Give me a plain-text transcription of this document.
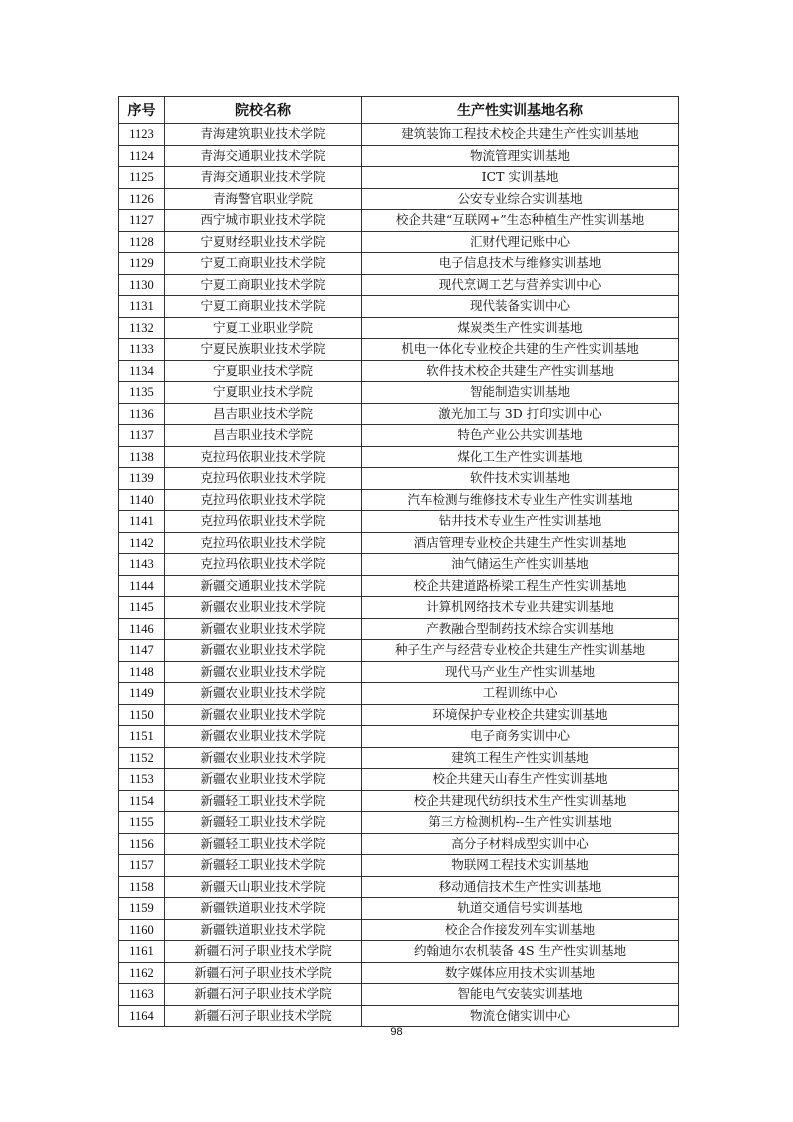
序号	院校名称	生产性实训基地名称
1123	青海建筑职业技术学院	建筑装饰工程技术校企共建生产性实训基地
1124	青海交通职业技术学院	物流管理实训基地
1125	青海交通职业技术学院	ICT 实训基地
1126	青海警官职业学院	公安专业综合实训基地
1127	西宁城市职业技术学院	校企共建“互联网+”生态种植生产性实训基地
1128	宁夏财经职业技术学院	汇财代理记账中心
1129	宁夏工商职业技术学院	电子信息技术与维修实训基地
1130	宁夏工商职业技术学院	现代烹调工艺与营养实训中心
1131	宁夏工商职业技术学院	现代装备实训中心
1132	宁夏工业职业学院	煤炭类生产性实训基地
1133	宁夏民族职业技术学院	机电一体化专业校企共建的生产性实训基地
1134	宁夏职业技术学院	软件技术校企共建生产性实训基地
1135	宁夏职业技术学院	智能制造实训基地
1136	昌吉职业技术学院	激光加工与 3D 打印实训中心
1137	昌吉职业技术学院	特色产业公共实训基地
1138	克拉玛依职业技术学院	煤化工生产性实训基地
1139	克拉玛依职业技术学院	软件技术实训基地
1140	克拉玛依职业技术学院	汽车检测与维修技术专业生产性实训基地
1141	克拉玛依职业技术学院	钻井技术专业生产性实训基地
1142	克拉玛依职业技术学院	酒店管理专业校企共建生产性实训基地
1143	克拉玛依职业技术学院	油气储运生产性实训基地
1144	新疆交通职业技术学院	校企共建道路桥梁工程生产性实训基地
1145	新疆农业职业技术学院	计算机网络技术专业共建实训基地
1146	新疆农业职业技术学院	产教融合型制药技术综合实训基地
1147	新疆农业职业技术学院	种子生产与经营专业校企共建生产性实训基地
1148	新疆农业职业技术学院	现代马产业生产性实训基地
1149	新疆农业职业技术学院	工程训练中心
1150	新疆农业职业技术学院	环境保护专业校企共建实训基地
1151	新疆农业职业技术学院	电子商务实训中心
1152	新疆农业职业技术学院	建筑工程生产性实训基地
1153	新疆农业职业技术学院	校企共建天山春生产性实训基地
1154	新疆轻工职业技术学院	校企共建现代纺织技术生产性实训基地
1155	新疆轻工职业技术学院	第三方检测机构--生产性实训基地
1156	新疆轻工职业技术学院	高分子材料成型实训中心
1157	新疆轻工职业技术学院	物联网工程技术实训基地
1158	新疆天山职业技术学院	移动通信技术生产性实训基地
1159	新疆铁道职业技术学院	轨道交通信号实训基地
1160	新疆铁道职业技术学院	校企合作接发列车实训基地
1161	新疆石河子职业技术学院	约翰迪尔农机装备 4S 生产性实训基地
1162	新疆石河子职业技术学院	数字媒体应用技术实训基地
1163	新疆石河子职业技术学院	智能电气安装实训基地
1164	新疆石河子职业技术学院	物流仓储实训中心
98
